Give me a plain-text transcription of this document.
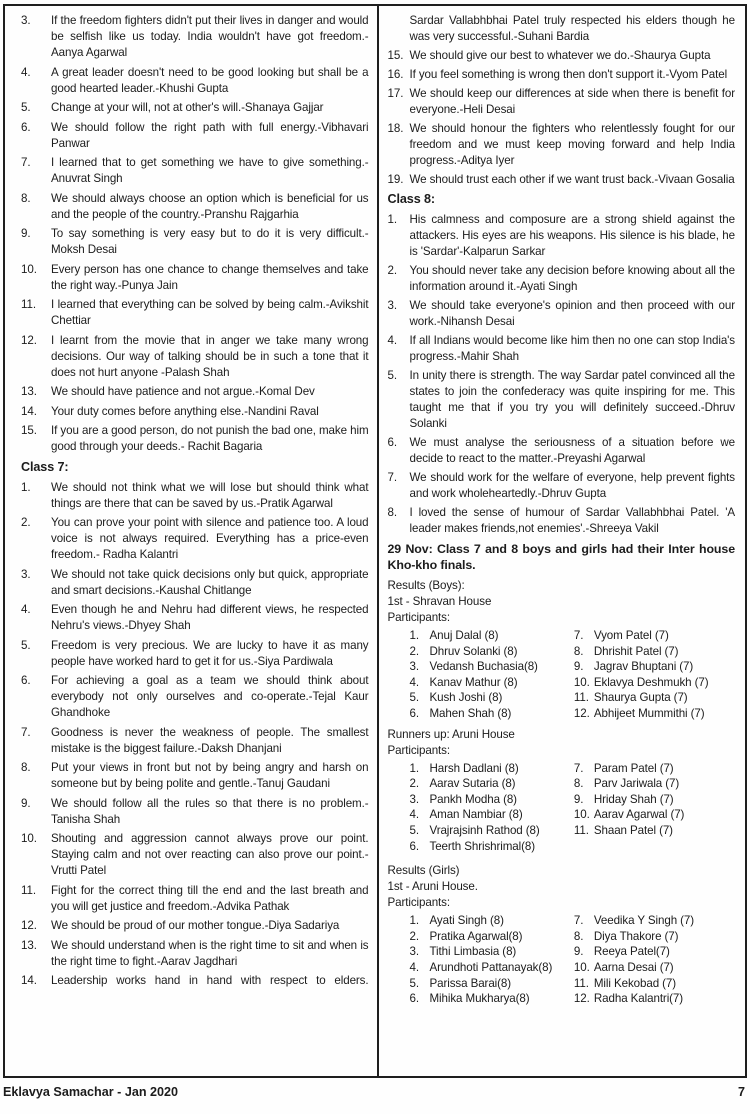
3.	If the freedom fighters didn't put their lives in danger and would be selfish like us today. India wouldn't have got freedom.-Aanya Agarwal
4.	A great leader doesn't need to be good looking but shall be a good hearted leader.-Khushi Gupta
5.	Change at your will, not at other's will.-Shanaya Gajjar
6.	We should follow the right path with full energy.-Vibhavari Panwar
7.	I learned that to get something we have to give something.-Anuvrat Singh
8.	We should always choose an option which is beneficial for us and the people of the country.-Pranshu Rajgarhia
9.	To say something is very easy but to do it is very difficult.-Moksh Desai
10.	Every person has one chance to change themselves and take the right way.-Punya Jain
11.	I learned that everything can be solved by being calm.-Avikshit Chettiar
12.	I learnt from the movie that in anger we take many wrong decisions. Our way of talking should be in such a tone that it does not hurt anyone -Palash Shah
13.	We should have patience and not argue.-Komal Dev
14.	Your duty comes before anything else.-Nandini Raval
15.	If you are a good person, do not punish the bad one, make him good through your deeds.- Rachit Bagaria
Class 7:
1.	We should not think what we will lose but should think what things are there that can be saved by us.-Pratik Agarwal
2.	You can prove your point with silence and patience too. A loud voice is not always required. Everything has a price-even freedom.- Radha Kalantri
3.	We should not take quick decisions only but quick, appropriate and smart decisions.-Kaushal Chitlange
4.	Even though he and Nehru had different views, he respected Nehru's views.-Dhyey Shah
5.	Freedom is very precious. We are lucky to have it as many people have worked hard to get it for us.-Siya Pardiwala
6.	For achieving a goal as a team we should think about everybody not only ourselves and co-operate.-Tejal Kaur Ghandhoke
7.	Goodness is never the weakness of people. The smallest mistake is the biggest failure.-Daksh Dhanjani
8.	Put your views in front but not by being angry and harsh on someone but by being polite and gentle.-Tanuj Gaudani
9.	We should follow all the rules so that there is no problem.-Tanisha Shah
10.	Shouting and aggression cannot always prove our point. Staying calm and not over reacting can also prove our point.-Vrutti Patel
11.	Fight for the correct thing till the end and the last breath and you will get justice and freedom.-Advika Pathak
12.	We should be proud of our mother tongue.-Diya Sadariya
13.	We should understand when is the right time to sit and when is the right time to fight.-Aarav Jagdhari
14.	Leadership works hand in hand with respect to elders.
Sardar Vallabhbhai Patel truly respected his elders though he was very successful.-Suhani Bardia
15. We should give our best to whatever we do.-Shaurya Gupta
16. If you feel something is wrong then don't support it.-Vyom Patel
17. We should keep our differences at side when there is benefit for everyone.-Heli Desai
18. We should honour the fighters who relentlessly fought for our freedom and we must keep moving forward and help India progress.-Aditya Iyer
19. We should trust each other if we want trust back.-Vivaan Gosalia
Class 8:
1.	His calmness and composure are a strong shield against the attackers. His eyes are his weapons. His silence is his blade, he is 'Sardar'-Kalparun Sarkar
2.	You should never take any decision before knowing about all the information around it.-Ayati Singh
3.	We should take everyone's opinion and then proceed with our work.-Nihansh Desai
4.	If all Indians would become like him then no one can stop India's progress.-Mahir Shah
5.	In unity there is strength. The way Sardar patel convinced all the states to join the confederacy was quite inspiring for me. This taught me that if you try you will definitely succeed.-Dhruv Solanki
6.	We must analyse the seriousness of a situation before we decide to react to the matter.-Preyashi Agarwal
7.	We should work for the welfare of everyone, help prevent fights and work wholeheartedly.-Dhruv Gupta
8.	I loved the sense of humour of Sardar Vallabhbhai Patel. 'A leader makes friends,not enemies'.-Shreeya Vakil
29 Nov: Class 7 and 8 boys and girls had their Inter house Kho-kho finals.
Results (Boys):
1st - Shravan House
Participants:
1. Anuj Dalal (8)
2. Dhruv Solanki (8)
3. Vedansh Buchasia(8)
4. Kanav Mathur (8)
5. Kush Joshi (8)
6. Mahen Shah (8)
7. Vyom Patel (7)
8. Dhrishit Patel (7)
9. Jagrav Bhuptani (7)
10. Eklavya Deshmukh (7)
11. Shaurya Gupta (7)
12. Abhijeet Mummithi (7)
Runners up: Aruni House
Participants:
1. Harsh Dadlani (8)
2. Aarav Sutaria (8)
3. Pankh Modha (8)
4. Aman Nambiar (8)
5. Vrajrajsinh Rathod (8)
6. Teerth Shrishrimal(8)
7. Param Patel (7)
8. Parv Jariwala (7)
9. Hriday Shah (7)
10. Aarav Agarwal (7)
11. Shaan Patel (7)
Results (Girls)
1st - Aruni House.
Participants:
1. Ayati Singh (8)
2. Pratika Agarwal(8)
3. Tithi Limbasia (8)
4. Arundhoti Pattanayak(8)
5. Parissa Barai(8)
6. Mihika Mukharya(8)
7. Veedika Y Singh (7)
8. Diya Thakore (7)
9. Reeya Patel(7)
10. Aarna Desai (7)
11. Mili Kekobad (7)
12. Radha Kalantri(7)
Eklavya Samachar - Jan 2020	7
